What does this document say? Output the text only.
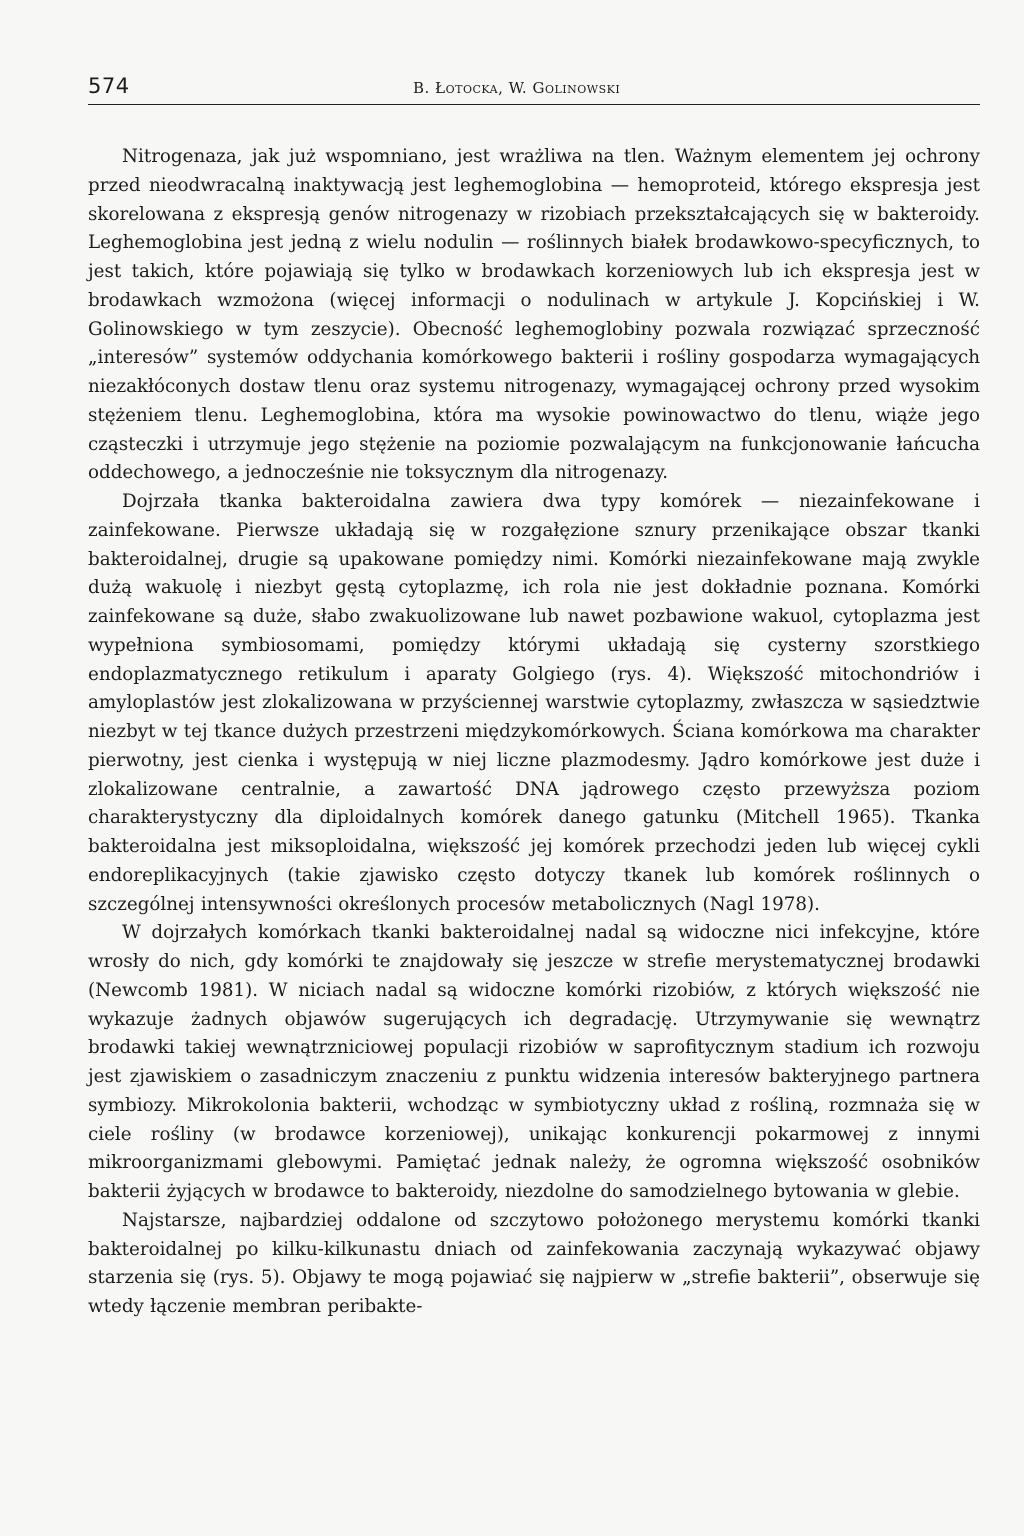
574	B. Łotocka, W. Golinowski

Nitrogenaza, jak już wspomniano, jest wrażliwa na tlen. Ważnym elementem jej ochrony przed nieodwracalną inaktywacją jest leghemoglobina — hemoproteid, którego ekspresja jest skorelowana z ekspresją genów nitrogenazy w rizobiach przekształcających się w bakteroidy. Leghemoglobina jest jedną z wielu nodulin — roślinnych białek brodawkowo-specyficznych, to jest takich, które pojawiają się tylko w brodawkach korzeniowych lub ich ekspresja jest w brodawkach wzmożona (więcej informacji o nodulinach w artykule J. Kopcińskiej i W. Golinowskiego w tym zeszycie). Obecność leghemoglobiny pozwala rozwiązać sprzeczność „interesów” systemów oddychania komórkowego bakterii i rośliny gospodarza wymagających niezakłóconych dostaw tlenu oraz systemu nitrogenazy, wymagającej ochrony przed wysokim stężeniem tlenu. Leghemoglobina, która ma wysokie powinowactwo do tlenu, wiąże jego cząsteczki i utrzymuje jego stężenie na poziomie pozwalającym na funkcjonowanie łańcucha oddechowego, a jednocześnie nie toksycznym dla nitrogenazy.

Dojrzała tkanka bakteroidalna zawiera dwa typy komórek — niezainfekowane i zainfekowane. Pierwsze układają się w rozgałęzione sznury przenikające obszar tkanki bakteroidalnej, drugie są upakowane pomiędzy nimi. Komórki niezainfekowane mają zwykle dużą wakuolę i niezbyt gęstą cytoplazmę, ich rola nie jest dokładnie poznana. Komórki zainfekowane są duże, słabo zwakuolizowane lub nawet pozbawione wakuol, cytoplazma jest wypełniona symbiosomami, pomiędzy którymi układają się cysterny szorstkiego endoplazmatycznego retikulum i aparaty Golgiego (rys. 4). Większość mitochondriów i amyloplastów jest zlokalizowana w przyściennej warstwie cytoplazmy, zwłaszcza w sąsiedztwie niezbyt w tej tkance dużych przestrzeni międzykomórkowych. Ściana komórkowa ma charakter pierwotny, jest cienka i występują w niej liczne plazmodesmy. Jądro komórkowe jest duże i zlokalizowane centralnie, a zawartość DNA jądrowego często przewyższa poziom charakterystyczny dla diploidalnych komórek danego gatunku (Mitchell 1965). Tkanka bakteroidalna jest miksoploidalna, większość jej komórek przechodzi jeden lub więcej cykli endoreplikacyjnych (takie zjawisko często dotyczy tkanek lub komórek roślinnych o szczególnej intensywności określonych procesów metabolicznych (Nagl 1978).

W dojrzałych komórkach tkanki bakteroidalnej nadal są widoczne nici infekcyjne, które wrosły do nich, gdy komórki te znajdowały się jeszcze w strefie merystematycznej brodawki (Newcomb 1981). W niciach nadal są widoczne komórki rizobiów, z których większość nie wykazuje żadnych objawów sugerujących ich degradację. Utrzymywanie się wewnątrz brodawki takiej wewnątrzniciowej populacji rizobiów w saprofitycznym stadium ich rozwoju jest zjawiskiem o zasadniczym znaczeniu z punktu widzenia interesów bakteryjnego partnera symbiozy. Mikrokolonia bakterii, wchodząc w symbiotyczny układ z rośliną, rozmnaża się w ciele rośliny (w brodawce korzeniowej), unikając konkurencji pokarmowej z innymi mikroorganizmami glebowymi. Pamiętać jednak należy, że ogromna większość osobników bakterii żyjących w brodawce to bakteroidy, niezdolne do samodzielnego bytowania w glebie.

Najstarsze, najbardziej oddalone od szczytowo położonego merystemu komórki tkanki bakteroidalnej po kilku-kilkunastu dniach od zainfekowania zaczynają wykazywać objawy starzenia się (rys. 5). Objawy te mogą pojawiać się najpierw w „strefie bakterii”, obserwuje się wtedy łączenie membran peribakte-
